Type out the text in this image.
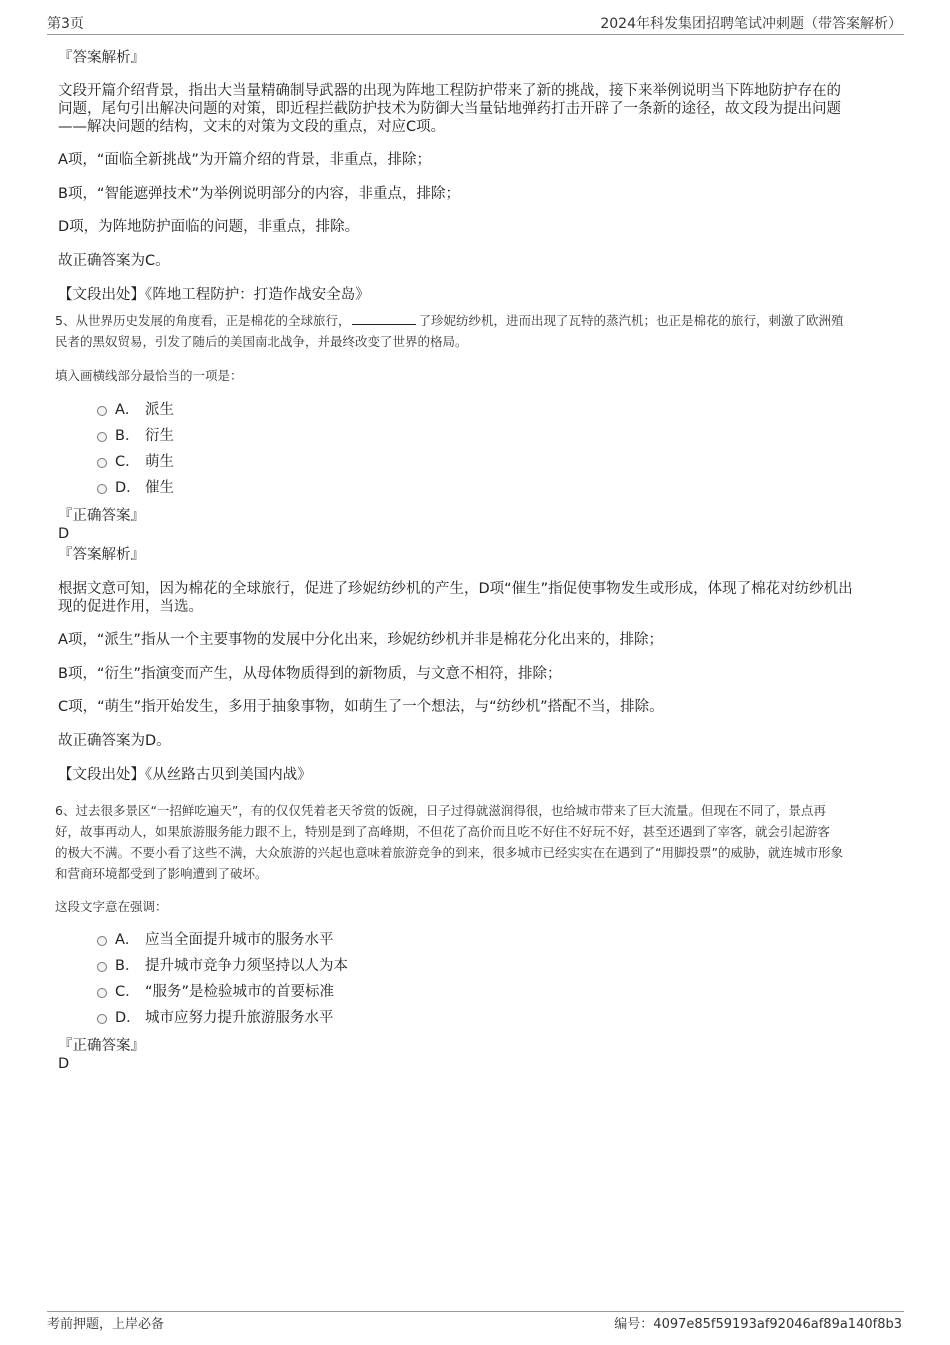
第3页	2024年科发集团招聘笔试冲刺题（带答案解析）
『答案解析』
文段开篇介绍背景，指出大当量精确制导武器的出现为阵地工程防护带来了新的挑战，接下来举例说明当下阵地防护存在的
问题，尾句引出解决问题的对策，即近程拦截防护技术为防御大当量钻地弹药打击开辟了一条新的途径，故文段为提出问题
——解决问题的结构，文末的对策为文段的重点，对应C项。
A项，“面临全新挑战”为开篇介绍的背景，非重点，排除；
B项，“智能遮弹技术”为举例说明部分的内容，非重点，排除；
D项，为阵地防护面临的问题，非重点，排除。
故正确答案为C。
【文段出处】《阵地工程防护：打造作战安全岛》
5、从世界历史发展的角度看，正是棉花的全球旅行，	了珍妮纺纱机，进而出现了瓦特的蒸汽机；也正是棉花的旅行，刺激了欧洲殖
民者的黑奴贸易，引发了随后的美国南北战争，并最终改变了世界的格局。
填入画横线部分最恰当的一项是：
A． 派生
B． 衍生
C． 萌生
D． 催生
『正确答案』
D
『答案解析』
根据文意可知，因为棉花的全球旅行，促进了珍妮纺纱机的产生，D项“催生”指促使事物发生或形成，体现了棉花对纺纱机出
现的促进作用，当选。
A项，“派生”指从一个主要事物的发展中分化出来，珍妮纺纱机并非是棉花分化出来的，排除；
B项，“衍生”指演变而产生，从母体物质得到的新物质，与文意不相符，排除；
C项，“萌生”指开始发生，多用于抽象事物，如萌生了一个想法，与“纺纱机”搭配不当，排除。
故正确答案为D。
【文段出处】《从丝路古贝到美国内战》
6、过去很多景区“一招鲜吃遍天”，有的仅仅凭着老天爷赏的饭碗，日子过得就滋润得很，也给城市带来了巨大流量。但现在不同了，景点再
好，故事再动人，如果旅游服务能力跟不上，特别是到了高峰期，不但花了高价而且吃不好住不好玩不好，甚至还遇到了宰客，就会引起游客
的极大不满。不要小看了这些不满，大众旅游的兴起也意味着旅游竞争的到来，很多城市已经实实在在遇到了“用脚投票”的威胁，就连城市形象
和营商环境都受到了影响遭到了破坏。
这段文字意在强调：
A． 应当全面提升城市的服务水平
B． 提升城市竞争力须坚持以人为本
C． “服务”是检验城市的首要标准
D． 城市应努力提升旅游服务水平
『正确答案』
D
考前押题，上岸必备	编号：4097e85f59193af92046af89a140f8b3
